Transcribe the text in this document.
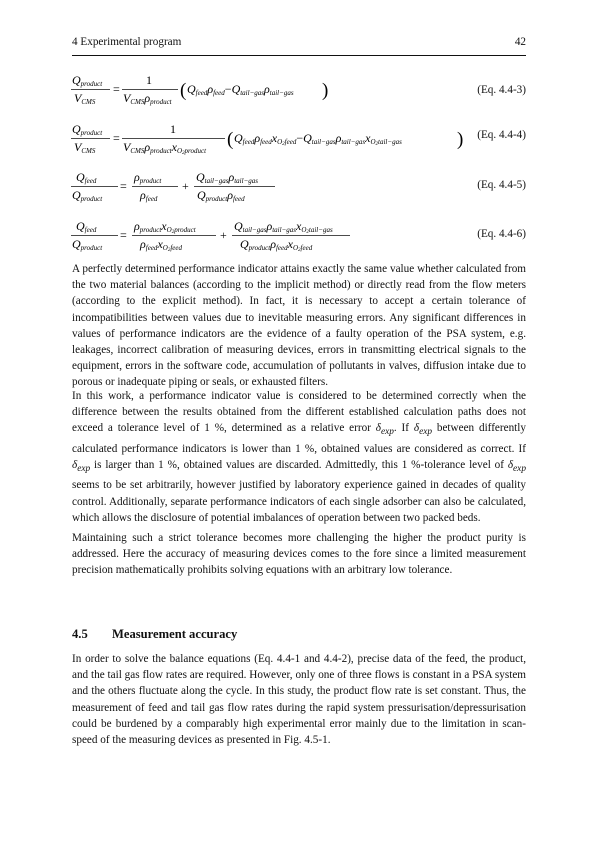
4 Experimental program	42
Qproduct
VCMS
=
1
VCMSρproduct
( Qfeedρfeed−Qtail−gasρtail−gas )	(Eq. 4.4-3)
Qproduct
VCMS
=
1
VCMSρproductxO2product
( QfeedρfeedxO2feed−Qtail−gasρtail−gasxO2tail−gas	) (Eq. 4.4-4)
Qfeed
Qproduct
=
ρproduct
ρfeed
+
Qtail−gasρtail−gas
Qproductρfeed
(Eq. 4.4-5)
Qfeed
Qproduct
=
ρproductxO2product
ρfeedxO2feed
+
Qtail−gasρtail−gasxO2tail−gas
QproductρfeedxO2feed
(Eq. 4.4-6)

A perfectly determined performance indicator attains exactly the same value whether calculated from the two material balances (according to the implicit method) or directly read from the flow meters (according to the explicit method). In fact, it is necessary to accept a certain tolerance of incompatibilities between values due to inevitable measuring errors. Any significant differences in values of performance indicators are the evidence of a faulty operation of the PSA system, e.g. leakages, incorrect calibration of measuring devices, errors in transmitting electrical signals to the equipment, errors in the software code, accumulation of pollutants in valves, diffusion intake due to porous or inadequate piping or seals, or exhausted filters.

In this work, a performance indicator value is considered to be determined correctly when the difference between the results obtained from the different established calculation paths does not exceed a tolerance level of 1 %, determined as a relative error $\delta_{exp}$. If $\delta_{exp}$ between differently calculated performance indicators is lower than 1 %, obtained values are considered as correct. If $\delta_{exp}$ is larger than 1 %, obtained values are discarded. Admittedly, this 1 %-tolerance level of $\delta_{exp}$ seems to be set arbitrarily, however justified by laboratory experience gained in decades of quality control. Additionally, separate performance indicators of each single adsorber can also be calculated, which allows the disclosure of potential imbalances of operation between two packed beds.

Maintaining such a strict tolerance becomes more challenging the higher the product purity is addressed. Here the accuracy of measuring devices comes to the fore since a limited measurement precision mathematically prohibits solving equations with an arbitrary low tolerance.

4.5 Measurement accuracy

In order to solve the balance equations (Eq. 4.4-1 and 4.4-2), precise data of the feed, the product, and the tail gas flow rates are required. However, only one of three flows is constant in a PSA system and the others fluctuate along the cycle. In this study, the product flow rate is set constant. Thus, the measurement of feed and tail gas flow rates during the rapid system pressurisation/depressurisation could be burdened by a comparably high experimental error mainly due to the limitation in scan-speed of the measuring devices as presented in Fig. 4.5-1.
